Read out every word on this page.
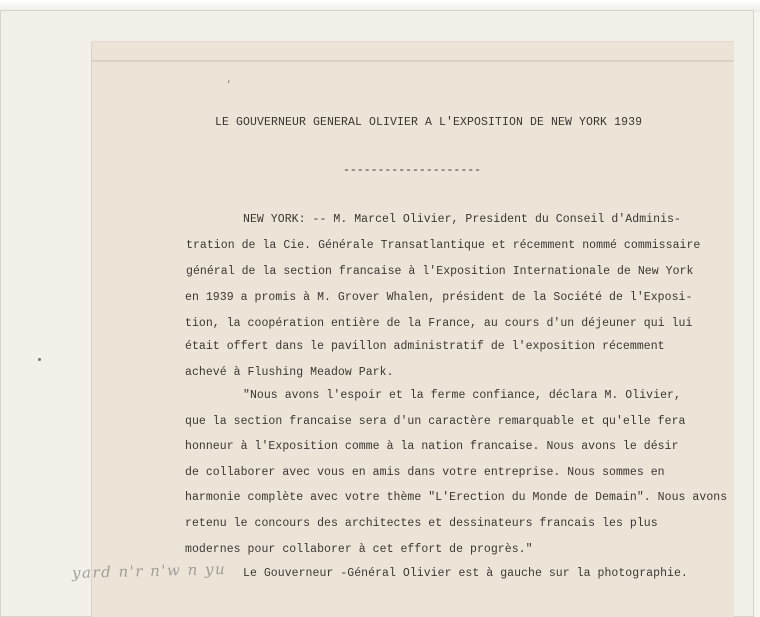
’
LE GOUVERNEUR GENERAL OLIVIER A L'EXPOSITION DE NEW YORK 1939
--------------------
NEW YORK: -- M. Marcel Olivier, President du Conseil d'Adminis-
tration de la Cie. Générale Transatlantique et récemment nommé commissaire
général de la section francaise à l'Exposition Internationale de New York
en 1939 a promis à M. Grover Whalen, président de la Société de l'Exposi-
tion, la coopération entière de la France, au cours d'un déjeuner qui lui
était offert dans le pavillon administratif de l'exposition récemment
achevé à Flushing Meadow Park.
"Nous avons l'espoir et la ferme confiance, déclara M. Olivier,
que la section francaise sera d'un caractère remarquable et qu'elle fera
honneur à l'Exposition comme à la nation francaise. Nous avons le désir
de collaborer avec vous en amis dans votre entreprise. Nous sommes en
harmonie complète avec votre thème "L'Erection du Monde de Demain". Nous avons
retenu le concours des architectes et dessinateurs francais les plus
modernes pour collaborer à cet effort de progrès."
Le Gouverneur -Général Olivier est à gauche sur la photographie.
yard n'r n'w n yu
